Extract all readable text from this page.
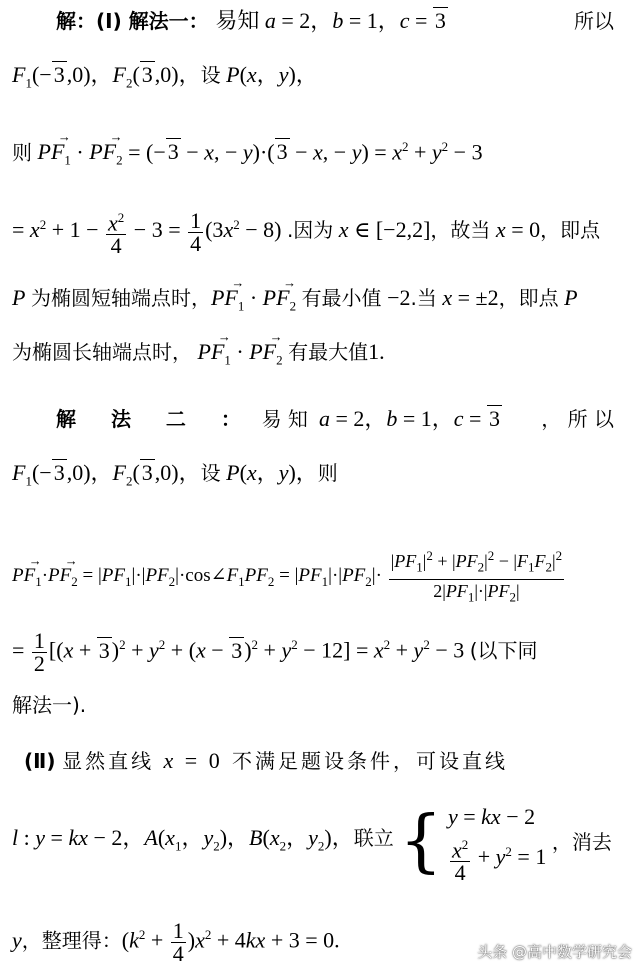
解：(Ⅰ) 解法一： 易知 a = 2，b = 1，c = 3	所以
$F_1(-3,0)$，$F_2(3,0)$，设 P(x，y)，
则 → $PF_1$ · → $PF_2 = (-3 - x$, − y)·(3 − x, − $y) = x^2 + y^2 - 3$
= $x^2 + 1 - \frac{x^2}{4} - 3 = \frac{1}{4} (3x^2 - 8)$ .因为 x ∈ [−2,2]，故当 x = 0，即点
P 为椭圆短轴端点时，→ $PF_1$ · → $PF_2$ 有最小值 −2.当 x = ±2，即点 P
为椭圆长轴端点时， → $PF_1$ · → $PF_2$ 有最大值1.
解 法 二 ： 易 知 a = 2，b = 1，c = 3 ， 所 以
$F_1(-3,0)$，$F_2(3,0)$，设 P(x，y)，则
→ $PF_1\cdot\to PF_2$ = $|PF_1|\cdot|PF_2|\cdot\cos\angle F_1PF_2 = |PF_1|\cdot|PF_2|\cdot \frac{|PF_1|^2 + |PF_2|^2 - |F_1F_2|^2}{2|PF_1|\cdot|PF_2|}$
= $\frac{1}{2} [(x + 3)^2 + y^2 + (x - 3)^2 + y^2 - 12] = x^2 + y^2 - 3$ (以下同
解法一).
(Ⅱ) 显然直线 x = 0 不满足题设条件，可设直线
l : y = kx − 2，$A(x_1$，$y_2$)，$B(x_2$，$y_2$)，联立 { y = kx − 2
$\frac{x^2}{4} + y^2 = 1$
，消去
y，整理得：$(k^2 + \frac{1}{4} )x^2 + 4kx + 3 = 0$.	头条 @高中数学研究会
